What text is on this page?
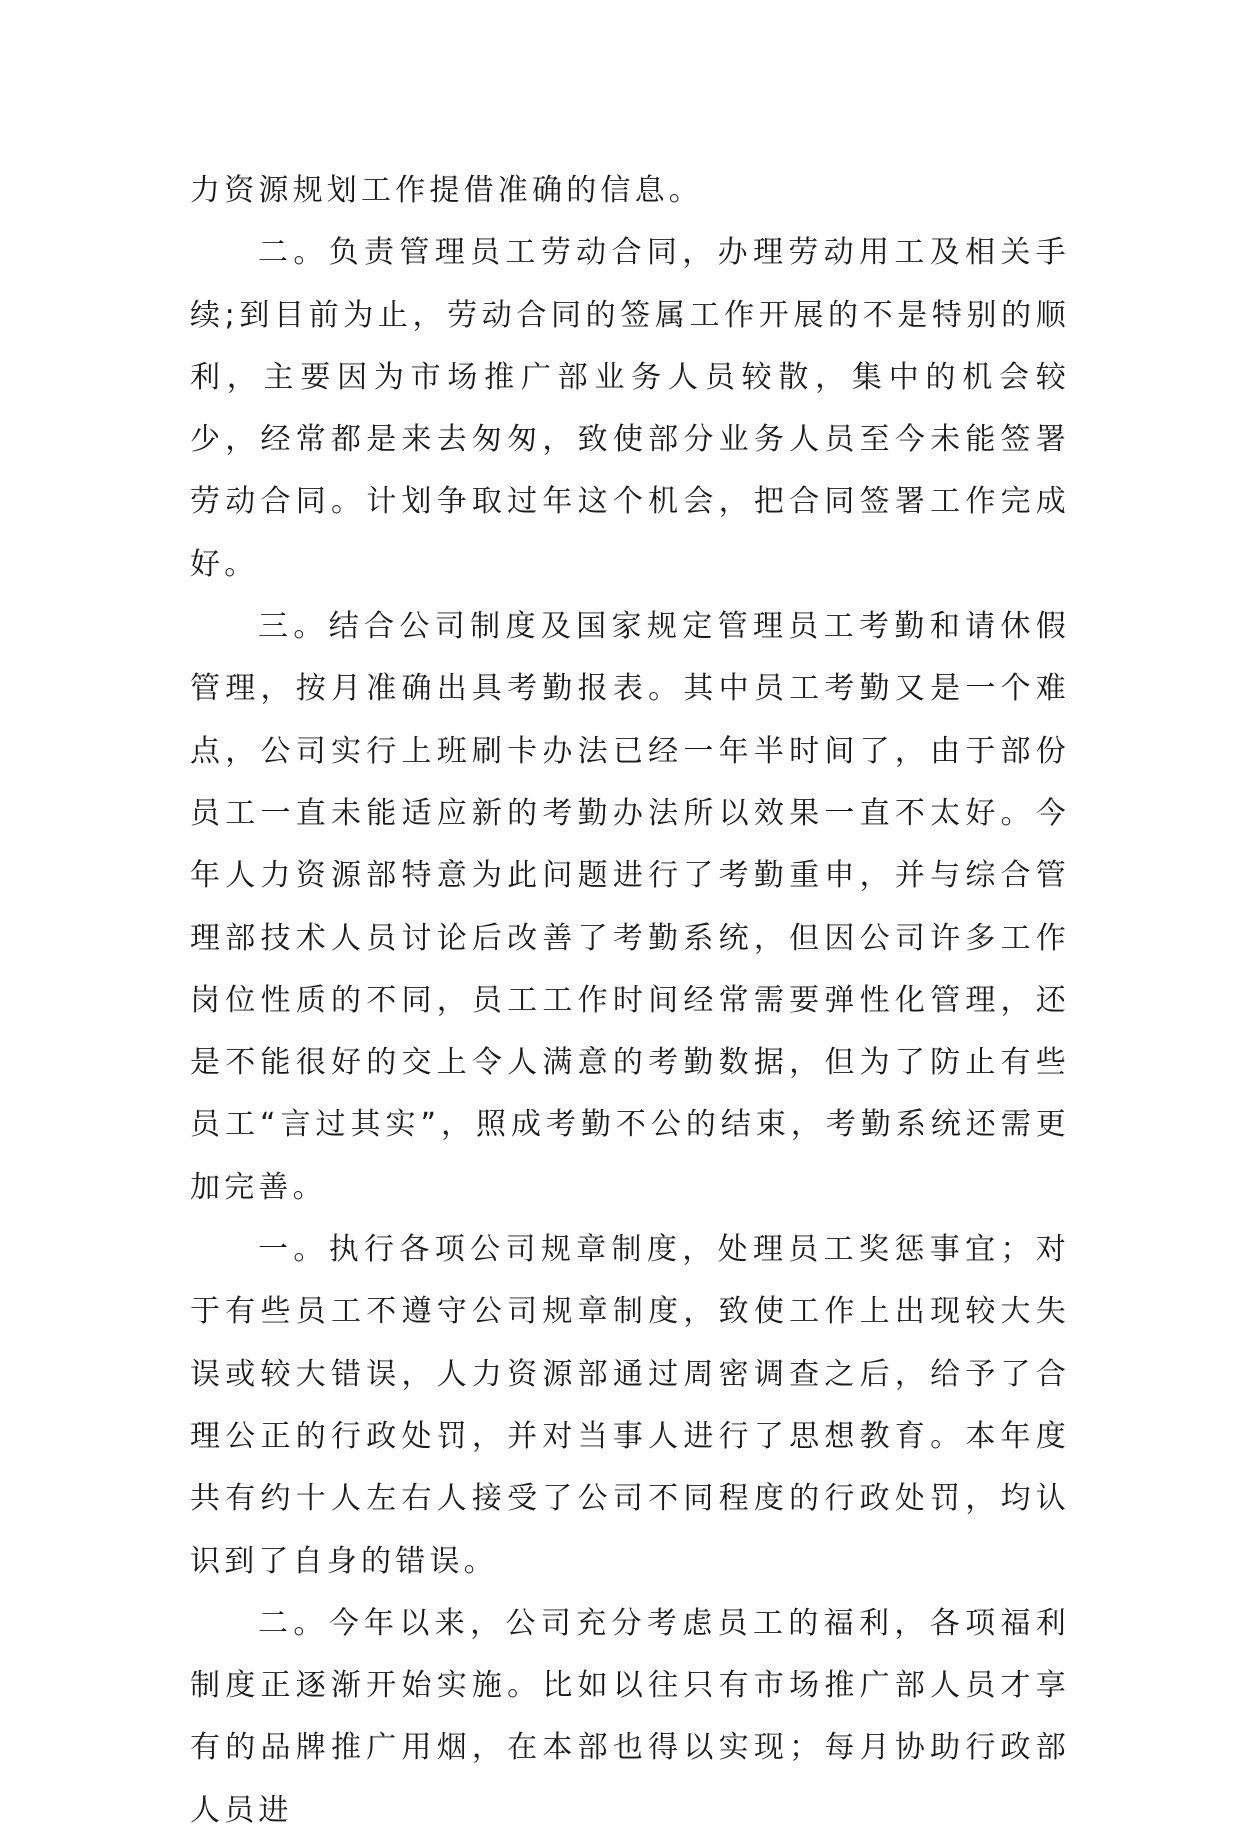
力资源规划工作提借准确的信息。

二。负责管理员工劳动合同，办理劳动用工及相关手续;到目前为止，劳动合同的签属工作开展的不是特别的顺利，主要因为市场推广部业务人员较散，集中的机会较少，经常都是来去匆匆，致使部分业务人员至今未能签署劳动合同。计划争取过年这个机会，把合同签署工作完成好。

三。结合公司制度及国家规定管理员工考勤和请休假管理，按月准确出具考勤报表。其中员工考勤又是一个难点，公司实行上班刷卡办法已经一年半时间了，由于部份员工一直未能适应新的考勤办法所以效果一直不太好。今年人力资源部特意为此问题进行了考勤重申，并与综合管理部技术人员讨论后改善了考勤系统，但因公司许多工作岗位性质的不同，员工工作时间经常需要弹性化管理，还 是不能很好的交上令人满意的考勤数据，但为了防止有些员工“言过其实”，照成考勤不公的结束，考勤系统还需更加完善。

一。执行各项公司规章制度，处理员工奖惩事宜；对于有些员工不遵守公司规章制度，致使工作上出现较大失误或较大错误，人力资源部通过周密调查之后，给予了合理公正的行政处罚，并对当事人进行了思想教育。本年度共有约十人左右人接受了公司不同程度的行政处罚，均认识到了自身的错误。

二。今年以来，公司充分考虑员工的福利，各项福利制度正逐渐开始实施。比如以往只有市场推广部人员才享有的品牌推广用烟，在本部也得以实现；每月协助行政部人员进
